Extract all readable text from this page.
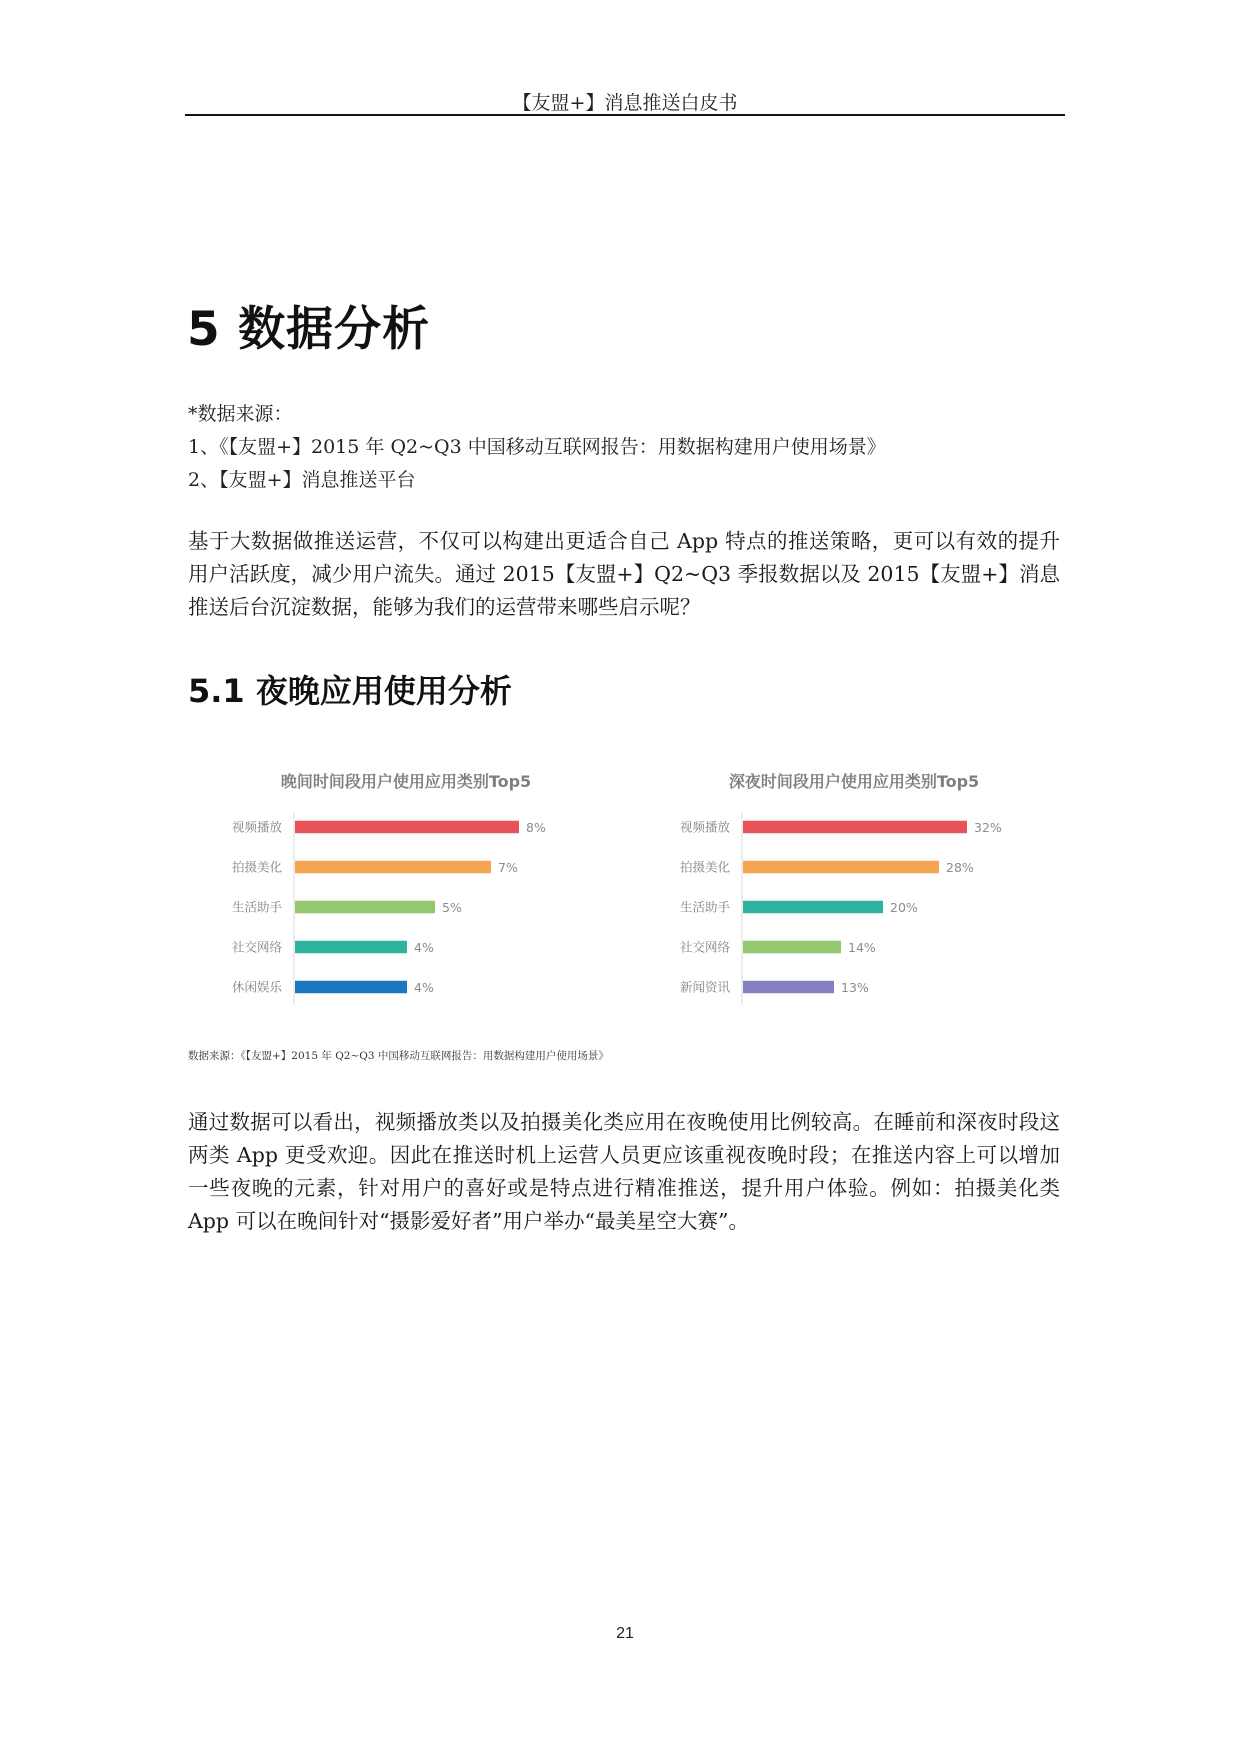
【友盟+】消息推送白皮书
5 数据分析
*数据来源：
1、《【友盟+】2015 年 Q2~Q3 中国移动互联网报告：用数据构建用户使用场景》
2、【友盟+】消息推送平台
基于大数据做推送运营，不仅可以构建出更适合自己 App 特点的推送策略，更可以有效的提升用户活跃度，减少用户流失。通过 2015【友盟+】Q2~Q3 季报数据以及 2015【友盟+】消息推送后台沉淀数据，能够为我们的运营带来哪些启示呢？
5.1 夜晚应用使用分析
晚间时间段用户使用应用类别Top5
视频播放	8%
拍摄美化	7%
生活助手	5%
社交网络	4%
休闲娱乐	4%
深夜时间段用户使用应用类别Top5
视频播放	32%
拍摄美化	28%
生活助手	20%
社交网络	14%
新闻资讯	13%
数据来源：《【友盟+】2015 年 Q2~Q3 中国移动互联网报告：用数据构建用户使用场景》
通过数据可以看出，视频播放类以及拍摄美化类应用在夜晚使用比例较高。在睡前和深夜时段这两类 App 更受欢迎。因此在推送时机上运营人员更应该重视夜晚时段；在推送内容上可以增加一些夜晚的元素，针对用户的喜好或是特点进行精准推送，提升用户体验。例如：拍摄美化类 App 可以在晚间针对“摄影爱好者”用户举办“最美星空大赛”。
21
